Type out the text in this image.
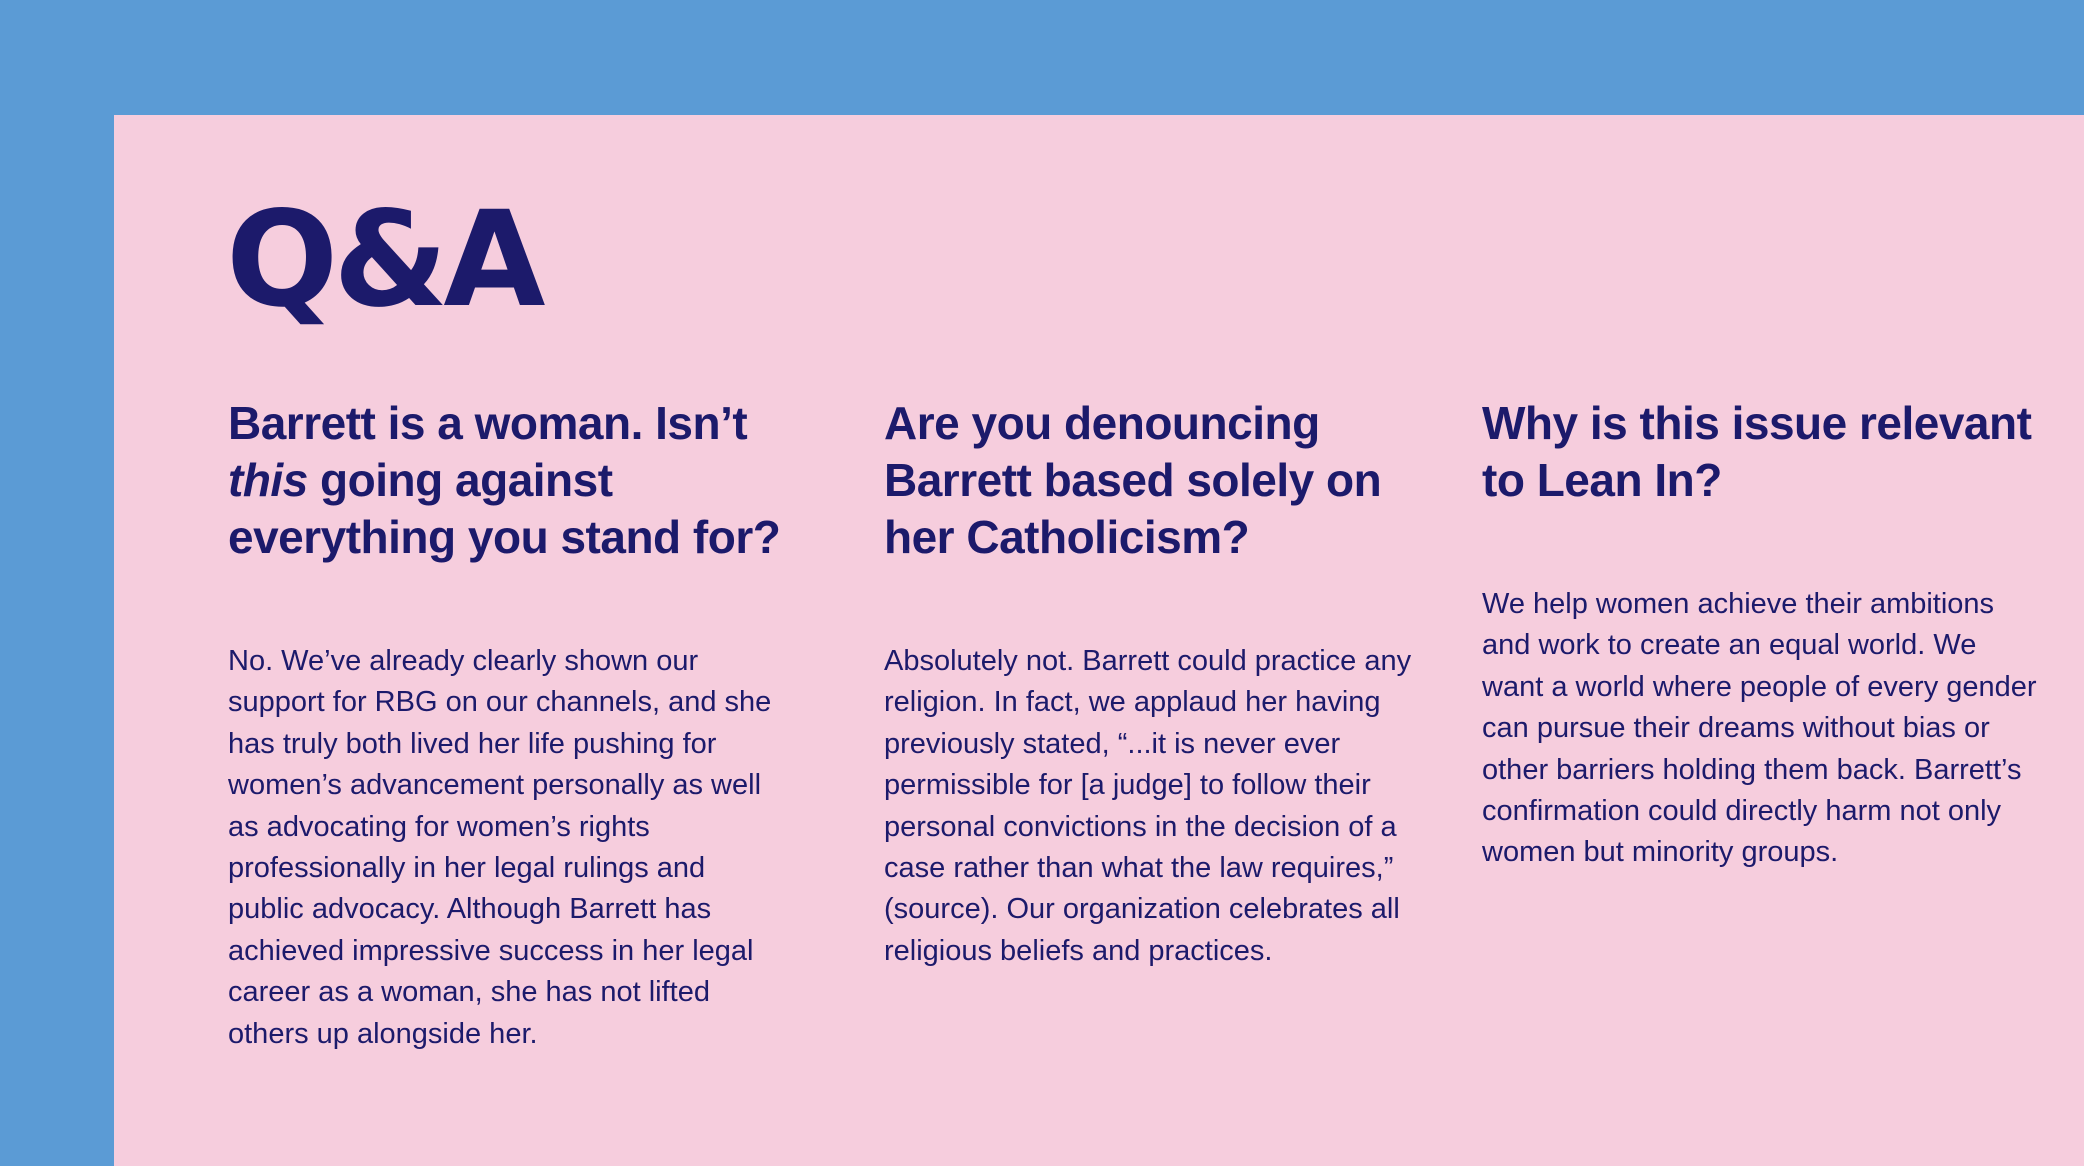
Q&A
Barrett is a woman. Isn’t this going against everything you stand for?

No. We’ve already clearly shown our support for RBG on our channels, and she has truly both lived her life pushing for women’s advancement personally as well as advocating for women’s rights professionally in her legal rulings and public advocacy. Although Barrett has achieved impressive success in her legal career as a woman, she has not lifted others up alongside her.

Are you denouncing Barrett based solely on her Catholicism?

Absolutely not. Barrett could practice any religion. In fact, we applaud her having previously stated, “...it is never ever permissible for [a judge] to follow their personal convictions in the decision of a case rather than what the law requires,” (source). Our organization celebrates all religious beliefs and practices.

Why is this issue relevant to Lean In?

We help women achieve their ambitions and work to create an equal world. We want a world where people of every gender can pursue their dreams without bias or other barriers holding them back. Barrett’s confirmation could directly harm not only women but minority groups.
